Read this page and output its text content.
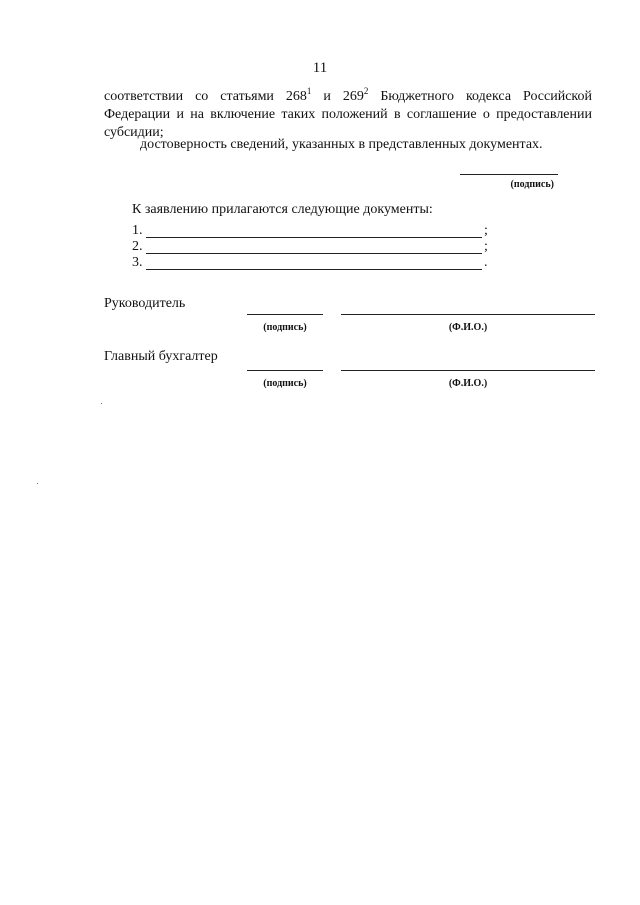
11
соответствии со статьями $268^1$ и $269^2$ Бюджетного кодекса Российской
Федерации и на включение таких положений в соглашение о предоставлении
субсидии;
достоверность сведений, указанных в представленных документах.
(подпись)
К заявлению прилагаются следующие документы:
1.	;
2.	;
3.	.
Руководитель
(подпись)	(Ф.И.О.)
Главный бухгалтер
(подпись)	(Ф.И.О.)
